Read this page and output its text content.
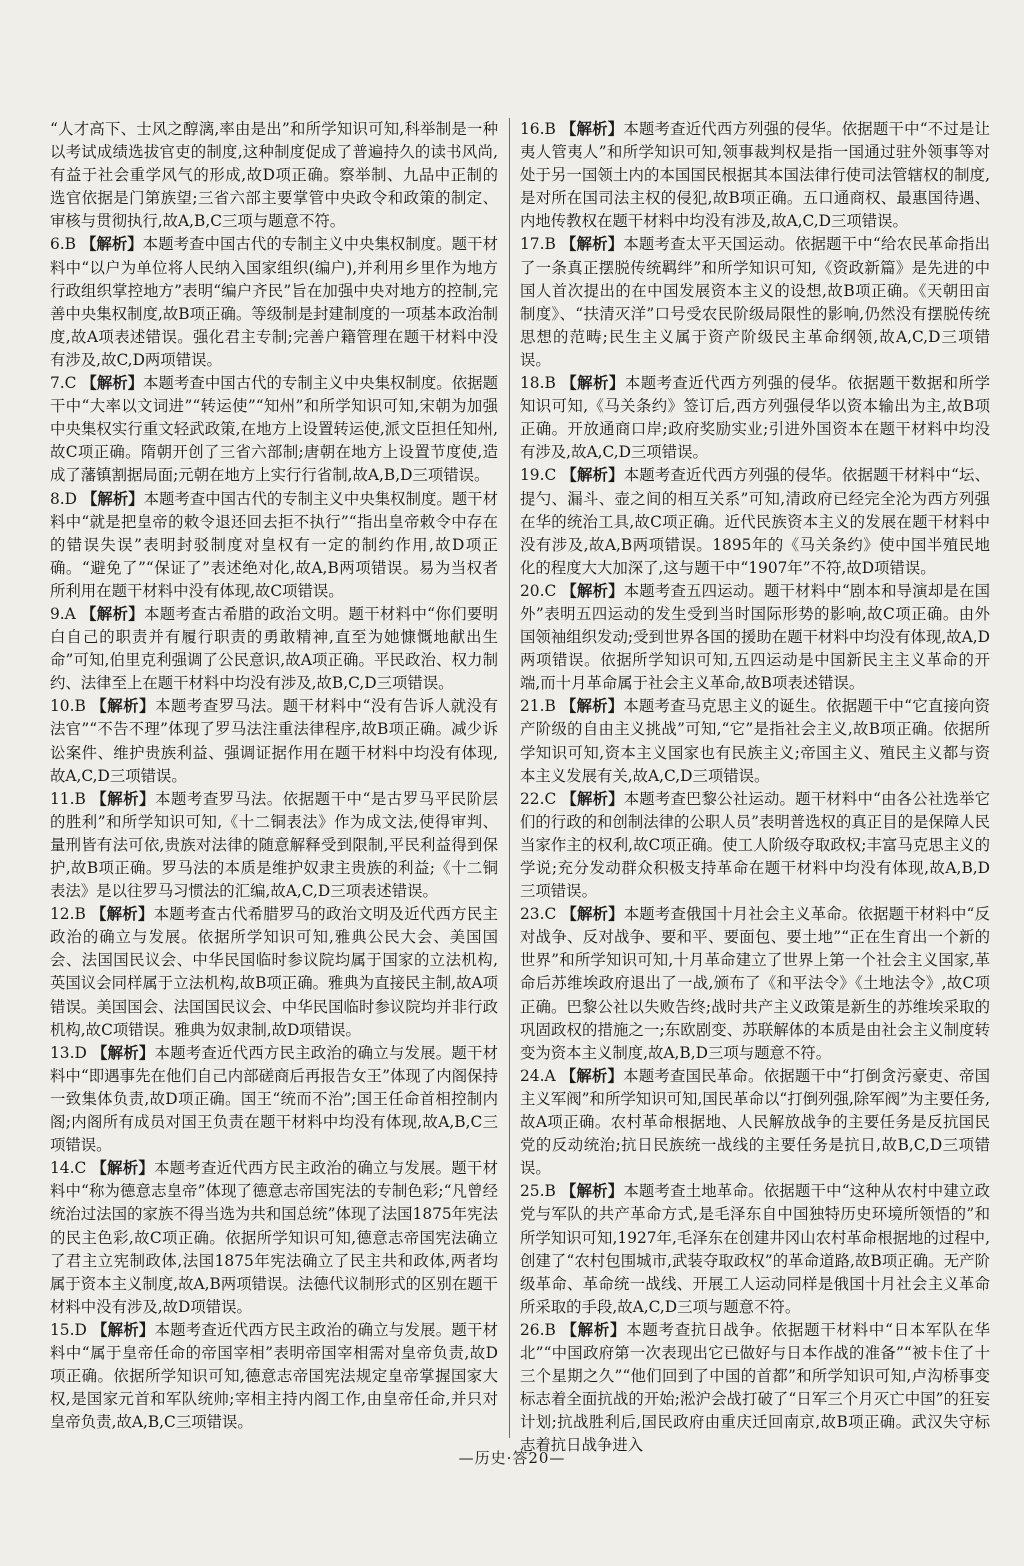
“人才高下、士风之醇漓,率由是出”和所学知识可知,科举制是一种以考试成绩选拔官吏的制度,这种制度促成了普遍持久的读书风尚,有益于社会重学风气的形成,故D项正确。察举制、九品中正制的选官依据是门第族望;三省六部主要掌管中央政令和政策的制定、审核与贯彻执行,故A,B,C三项与题意不符。

6.B 【解析】本题考查中国古代的专制主义中央集权制度。题干材料中“以户为单位将人民纳入国家组织(编户),并利用乡里作为地方行政组织掌控地方”表明“编户齐民”旨在加强中央对地方的控制,完善中央集权制度,故B项正确。等级制是封建制度的一项基本政治制度,故A项表述错误。强化君主专制;完善户籍管理在题干材料中没有涉及,故C,D两项错误。

7.C 【解析】本题考查中国古代的专制主义中央集权制度。依据题干中“大率以文词进”“转运使”“知州”和所学知识可知,宋朝为加强中央集权实行重文轻武政策,在地方上设置转运使,派文臣担任知州,故C项正确。隋朝开创了三省六部制;唐朝在地方上设置节度使,造成了藩镇割据局面;元朝在地方上实行行省制,故A,B,D三项错误。

8.D 【解析】本题考查中国古代的专制主义中央集权制度。题干材料中“就是把皇帝的敕令退还回去拒不执行”“指出皇帝敕令中存在的错误失误”表明封驳制度对皇权有一定的制约作用,故D项正确。“避免了”“保证了”表述绝对化,故A,B两项错误。易为当权者所利用在题干材料中没有体现,故C项错误。

9.A 【解析】本题考查古希腊的政治文明。题干材料中“你们要明白自己的职责并有履行职责的勇敢精神,直至为她慷慨地献出生命”可知,伯里克利强调了公民意识,故A项正确。平民政治、权力制约、法律至上在题干材料中均没有涉及,故B,C,D三项错误。

10.B 【解析】本题考查罗马法。题干材料中“没有告诉人就没有法官”“不告不理”体现了罗马法注重法律程序,故B项正确。减少诉讼案件、维护贵族利益、强调证据作用在题干材料中均没有体现,故A,C,D三项错误。

11.B 【解析】本题考查罗马法。依据题干中“是古罗马平民阶层的胜利”和所学知识可知,《十二铜表法》作为成文法,使得审判、量刑皆有法可依,贵族对法律的随意解释受到限制,平民利益得到保护,故B项正确。罗马法的本质是维护奴隶主贵族的利益;《十二铜表法》是以往罗马习惯法的汇编,故A,C,D三项表述错误。

12.B 【解析】本题考查古代希腊罗马的政治文明及近代西方民主政治的确立与发展。依据所学知识可知,雅典公民大会、美国国会、法国国民议会、中华民国临时参议院均属于国家的立法机构,英国议会同样属于立法机构,故B项正确。雅典为直接民主制,故A项错误。美国国会、法国国民议会、中华民国临时参议院均并非行政机构,故C项错误。雅典为奴隶制,故D项错误。

13.D 【解析】本题考查近代西方民主政治的确立与发展。题干材料中“即遇事先在他们自己内部磋商后再报告女王”体现了内阁保持一致集体负责,故D项正确。国王“统而不治”;国王任命首相控制内阁;内阁所有成员对国王负责在题干材料中均没有体现,故A,B,C三项错误。

14.C 【解析】本题考查近代西方民主政治的确立与发展。题干材料中“称为德意志皇帝”体现了德意志帝国宪法的专制色彩;“凡曾经统治过法国的家族不得当选为共和国总统”体现了法国1875年宪法的民主色彩,故C项正确。依据所学知识可知,德意志帝国宪法确立了君主立宪制政体,法国1875年宪法确立了民主共和政体,两者均属于资本主义制度,故A,B两项错误。法德代议制形式的区别在题干材料中没有涉及,故D项错误。

15.D 【解析】本题考查近代西方民主政治的确立与发展。题干材料中“属于皇帝任命的帝国宰相”表明帝国宰相需对皇帝负责,故D项正确。依据所学知识可知,德意志帝国宪法规定皇帝掌握国家大权,是国家元首和军队统帅;宰相主持内阁工作,由皇帝任命,并只对皇帝负责,故A,B,C三项错误。

16.B 【解析】本题考查近代西方列强的侵华。依据题干中“不过是让夷人管夷人”和所学知识可知,领事裁判权是指一国通过驻外领事等对处于另一国领土内的本国国民根据其本国法律行使司法管辖权的制度,是对所在国司法主权的侵犯,故B项正确。五口通商权、最惠国待遇、内地传教权在题干材料中均没有涉及,故A,C,D三项错误。

17.B 【解析】本题考查太平天国运动。依据题干中“给农民革命指出了一条真正摆脱传统羁绊”和所学知识可知,《资政新篇》是先进的中国人首次提出的在中国发展资本主义的设想,故B项正确。《天朝田亩制度》、“扶清灭洋”口号受农民阶级局限性的影响,仍然没有摆脱传统思想的范畴;民生主义属于资产阶级民主革命纲领,故A,C,D三项错误。

18.B 【解析】本题考查近代西方列强的侵华。依据题干数据和所学知识可知,《马关条约》签订后,西方列强侵华以资本输出为主,故B项正确。开放通商口岸;政府奖励实业;引进外国资本在题干材料中均没有涉及,故A,C,D三项错误。

19.C 【解析】本题考查近代西方列强的侵华。依据题干材料中“坛、提勺、漏斗、壶之间的相互关系”可知,清政府已经完全沦为西方列强在华的统治工具,故C项正确。近代民族资本主义的发展在题干材料中没有涉及,故A,B两项错误。1895年的《马关条约》使中国半殖民地化的程度大大加深了,这与题干中“1907年”不符,故D项错误。

20.C 【解析】本题考查五四运动。题干材料中“剧本和导演却是在国外”表明五四运动的发生受到当时国际形势的影响,故C项正确。由外国领袖组织发动;受到世界各国的援助在题干材料中均没有体现,故A,D两项错误。依据所学知识可知,五四运动是中国新民主主义革命的开端,而十月革命属于社会主义革命,故B项表述错误。

21.B 【解析】本题考查马克思主义的诞生。依据题干中“它直接向资产阶级的自由主义挑战”可知,“它”是指社会主义,故B项正确。依据所学知识可知,资本主义国家也有民族主义;帝国主义、殖民主义都与资本主义发展有关,故A,C,D三项错误。

22.C 【解析】本题考查巴黎公社运动。题干材料中“由各公社选举它们的行政的和创制法律的公职人员”表明普选权的真正目的是保障人民当家作主的权利,故C项正确。使工人阶级夺取政权;丰富马克思主义的学说;充分发动群众积极支持革命在题干材料中均没有体现,故A,B,D三项错误。

23.C 【解析】本题考查俄国十月社会主义革命。依据题干材料中“反对战争、反对战争、要和平、要面包、要土地”“正在生育出一个新的世界”和所学知识可知,十月革命建立了世界上第一个社会主义国家,革命后苏维埃政府退出了一战,颁布了《和平法令》《土地法令》,故C项正确。巴黎公社以失败告终;战时共产主义政策是新生的苏维埃采取的巩固政权的措施之一;东欧剧变、苏联解体的本质是由社会主义制度转变为资本主义制度,故A,B,D三项与题意不符。

24.A 【解析】本题考查国民革命。依据题干中“打倒贪污豪吏、帝国主义军阀”和所学知识可知,国民革命以“打倒列强,除军阀”为主要任务,故A项正确。农村革命根据地、人民解放战争的主要任务是反抗国民党的反动统治;抗日民族统一战线的主要任务是抗日,故B,C,D三项错误。

25.B 【解析】本题考查土地革命。依据题干中“这种从农村中建立政党与军队的共产革命方式,是毛泽东自中国独特历史环境所领悟的”和所学知识可知,1927年,毛泽东在创建井冈山农村革命根据地的过程中,创建了“农村包围城市,武装夺取政权”的革命道路,故B项正确。无产阶级革命、革命统一战线、开展工人运动同样是俄国十月社会主义革命所采取的手段,故A,C,D三项与题意不符。

26.B 【解析】本题考查抗日战争。依据题干材料中“日本军队在华北”“中国政府第一次表现出它已做好与日本作战的准备”“被卡住了十三个星期之久”“他们回到了中国的首都”和所学知识可知,卢沟桥事变标志着全面抗战的开始;淞沪会战打破了“日军三个月灭亡中国”的狂妄计划;抗战胜利后,国民政府由重庆迁回南京,故B项正确。武汉失守标志着抗日战争进入

—历史·答20—
